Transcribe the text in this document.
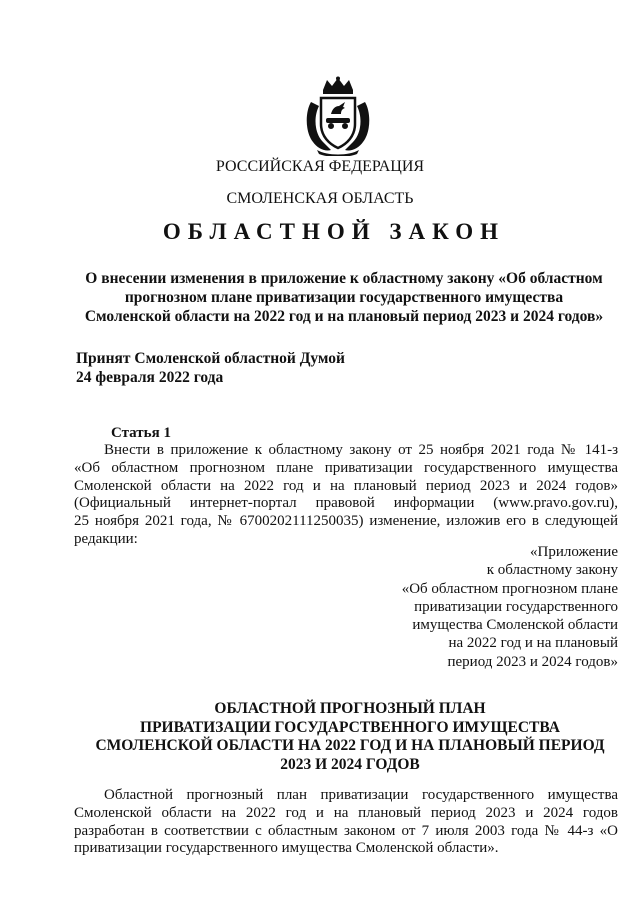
РОССИЙСКАЯ ФЕДЕРАЦИЯ
СМОЛЕНСКАЯ ОБЛАСТЬ
ОБЛАСТНОЙ ЗАКОН
О внесении изменения в приложение к областному закону «Об областном
прогнозном плане приватизации государственного имущества
Смоленской области на 2022 год и на плановый период 2023 и 2024 годов»
Принят Смоленской областной Думой
24 февраля 2022 года
Статья 1
Внести в приложение к областному закону от 25 ноября 2021 года № 141-з
«Об областном прогнозном плане приватизации государственного имущества
Смоленской области на 2022 год и на плановый период 2023 и 2024 годов»
(Официальный интернет-портал правовой информации (www.pravo.gov.ru),
25 ноября 2021 года, № 6700202111250035) изменение, изложив его в следующей
редакции:
«Приложение
к областному закону
«Об областном прогнозном плане
приватизации государственного
имущества Смоленской области
на 2022 год и на плановый
период 2023 и 2024 годов»
ОБЛАСТНОЙ ПРОГНОЗНЫЙ ПЛАН
ПРИВАТИЗАЦИИ ГОСУДАРСТВЕННОГО ИМУЩЕСТВА
СМОЛЕНСКОЙ ОБЛАСТИ НА 2022 ГОД И НА ПЛАНОВЫЙ ПЕРИОД
2023 И 2024 ГОДОВ
Областной прогнозный план приватизации государственного имущества
Смоленской области на 2022 год и на плановый период 2023 и 2024 годов
разработан в соответствии с областным законом от 7 июля 2003 года № 44-з «О
приватизации государственного имущества Смоленской области».
